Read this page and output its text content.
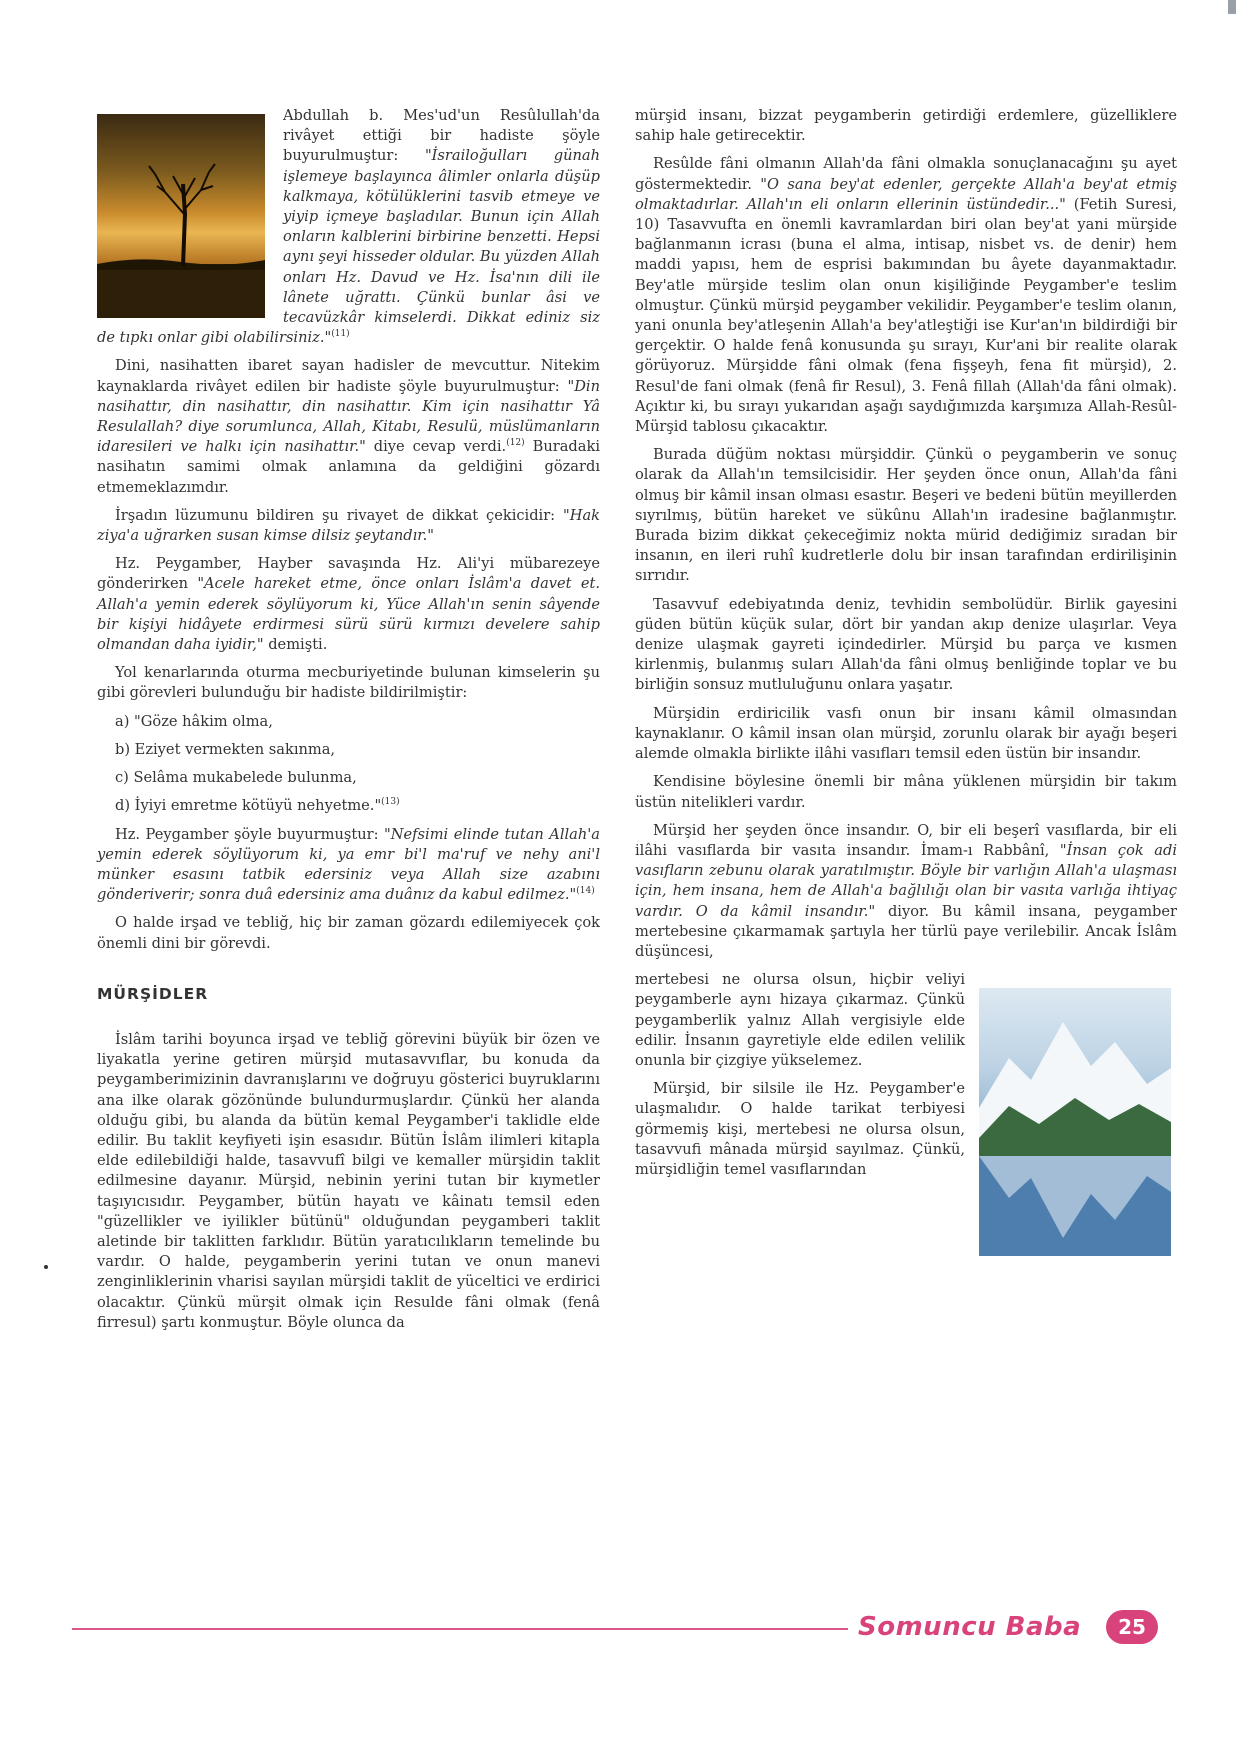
Abdullah b. Mes'ud'un Resûlullah'da rivâyet ettiği bir hadiste şöyle buyurulmuştur: "İsrailoğulları günah işlemeye başlayınca âlimler onlarla düşüp kalkmaya, kötülüklerini tasvib etmeye ve yiyip içmeye başladılar. Bunun için Allah onların kalblerini birbirine benzetti. Hepsi aynı şeyi hisseder oldular. Bu yüzden Allah onları Hz. Davud ve Hz. İsa'nın dili ile lânete uğrattı. Çünkü bunlar âsi ve tecavüzkâr kimselerdi. Dikkat ediniz siz de tıpkı onlar gibi olabilirsiniz."$^{(11)}$

Dini, nasihatten ibaret sayan hadisler de mevcuttur. Nitekim kaynaklarda rivâyet edilen bir hadiste şöyle buyurulmuştur: "Din nasihattır, din nasihattır, din nasihattır. Kim için nasihattır Yâ Resulallah? diye sorumlunca, Allah, Kitabı, Resulü, müslümanların idaresileri ve halkı için nasihattır." diye cevap verdi.$^{(12)}$ Buradaki nasihatın samimi olmak anlamına da geldiğini gözardı etmemeklazımdır.

İrşadın lüzumunu bildiren şu rivayet de dikkat çekicidir: "Hak ziya'a uğrarken susan kimse dilsiz şeytandır."

Hz. Peygamber, Hayber savaşında Hz. Ali'yi mübarezeye gönderirken "Acele hareket etme, önce onları İslâm'a davet et. Allah'a yemin ederek söylüyorum ki, Yüce Allah'ın senin sâyende bir kişiyi hidâyete erdirmesi sürü sürü kırmızı develere sahip olmandan daha iyidir," demişti.

Yol kenarlarında oturma mecburiyetinde bulunan kimselerin şu gibi görevleri bulunduğu bir hadiste bildirilmiştir:

a) "Göze hâkim olma,

b) Eziyet vermekten sakınma,

c) Selâma mukabelede bulunma,

d) İyiyi emretme kötüyü nehyetme."$^{(13)}$

Hz. Peygamber şöyle buyurmuştur: "Nefsimi elinde tutan Allah'a yemin ederek söylüyorum ki, ya emr bi'l ma'ruf ve nehy ani'l münker esasını tatbik edersiniz veya Allah size azabını gönderiverir; sonra duâ edersiniz ama duânız da kabul edilmez."$^{(14)}$

O halde irşad ve tebliğ, hiç bir zaman gözardı edilemiyecek çok önemli dini bir görevdi.

MÜRŞİDLER

İslâm tarihi boyunca irşad ve tebliğ görevini büyük bir özen ve liyakatla yerine getiren mürşid mutasavvıflar, bu konuda da peygamberimizinin davranışlarını ve doğruyu gösterici buyruklarını ana ilke olarak gözönünde bulundurmuşlardır. Çünkü her alanda olduğu gibi, bu alanda da bütün kemal Peygamber'i taklidle elde edilir. Bu taklit keyfiyeti işin esasıdır. Bütün İslâm ilimleri kitapla elde edilebildiği halde, tasavvufî bilgi ve kemaller mürşidin taklit edilmesine dayanır. Mürşid, nebinin yerini tutan bir kıymetler taşıyıcısıdır. Peygamber, bütün hayatı ve kâinatı temsil eden "güzellikler ve iyilikler bütünü" olduğundan peygamberi taklit aletinde bir taklitten farklıdır. Bütün yaratıcılıkların temelinde bu vardır. O halde, peygamberin yerini tutan ve onun manevi zenginliklerinin vharisi sayılan mürşidi taklit de yüceltici ve erdirici olacaktır. Çünkü mürşit olmak için Resulde fâni olmak (fenâ firresul) şartı konmuştur. Böyle olunca da

mürşid insanı, bizzat peygamberin getirdiği erdemlere, güzelliklere sahip hale getirecektir.

Resûlde fâni olmanın Allah'da fâni olmakla sonuçlanacağını şu ayet göstermektedir. "O sana bey'at edenler, gerçekte Allah'a bey'at etmiş olmaktadırlar. Allah'ın eli onların ellerinin üstündedir..." (Fetih Suresi, 10) Tasavvufta en önemli kavramlardan biri olan bey'at yani mürşide bağlanmanın icrası (buna el alma, intisap, nisbet vs. de denir) hem maddi yapısı, hem de esprisi bakımından bu âyete dayanmaktadır. Bey'atle mürşide teslim olan onun kişiliğinde Peygamber'e teslim olmuştur. Çünkü mürşid peygamber vekilidir. Peygamber'e teslim olanın, yani onunla bey'atleşenin Allah'a bey'atleştiği ise Kur'an'ın bildirdiği bir gerçektir. O halde fenâ konusunda şu sırayı, Kur'ani bir realite olarak görüyoruz. Mürşidde fâni olmak (fena fişşeyh, fena fit mürşid), 2. Resul'de fani olmak (fenâ fir Resul), 3. Fenâ fillah (Allah'da fâni olmak). Açıktır ki, bu sırayı yukarıdan aşağı saydığımızda karşımıza Allah-Resûl-Mürşid tablosu çıkacaktır.

Burada düğüm noktası mürşiddir. Çünkü o peygamberin ve sonuç olarak da Allah'ın temsilcisidir. Her şeyden önce onun, Allah'da fâni olmuş bir kâmil insan olması esastır. Beşeri ve bedeni bütün meyillerden sıyrılmış, bütün hareket ve sükûnu Allah'ın iradesine bağlanmıştır. Burada bizim dikkat çekeceğimiz nokta mürid dediğimiz sıradan bir insanın, en ileri ruhî kudretlerle dolu bir insan tarafından erdirilişinin sırrıdır.

Tasavvuf edebiyatında deniz, tevhidin sembolüdür. Birlik gayesini güden bütün küçük sular, dört bir yandan akıp denize ulaşırlar. Veya denize ulaşmak gayreti içindedirler. Mürşid bu parça ve kısmen kirlenmiş, bulanmış suları Allah'da fâni olmuş benliğinde toplar ve bu birliğin sonsuz mutluluğunu onlara yaşatır.

Mürşidin erdiricilik vasfı onun bir insanı kâmil olmasından kaynaklanır. O kâmil insan olan mürşid, zorunlu olarak bir ayağı beşeri alemde olmakla birlikte ilâhi vasıfları temsil eden üstün bir insandır.

Kendisine böylesine önemli bir mâna yüklenen mürşidin bir takım üstün nitelikleri vardır.

Mürşid her şeyden önce insandır. O, bir eli beşerî vasıflarda, bir eli ilâhi vasıflarda bir vasıta insandır. İmam-ı Rabbânî, "İnsan çok adi vasıfların zebunu olarak yaratılmıştır. Böyle bir varlığın Allah'a ulaşması için, hem insana, hem de Allah'a bağlılığı olan bir vasıta varlığa ihtiyaç vardır. O da kâmil insandır." diyor. Bu kâmil insana, peygamber mertebesine çıkarmamak şartıyla her türlü paye verilebilir. Ancak İslâm düşüncesi,

mertebesi ne olursa olsun, hiçbir veliyi peygamberle aynı hizaya çıkarmaz. Çünkü peygamberlik yalnız Allah vergisiyle elde edilir. İnsanın gayretiyle elde edilen velilik onunla bir çizgiye yükselemez.

Mürşid, bir silsile ile Hz. Peygamber'e ulaşmalıdır. O halde tarikat terbiyesi görmemiş kişi, mertebesi ne olursa olsun, tasavvufi mânada mürşid sayılmaz. Çünkü, mürşidliğin temel vasıflarından

Somuncu Baba	25
